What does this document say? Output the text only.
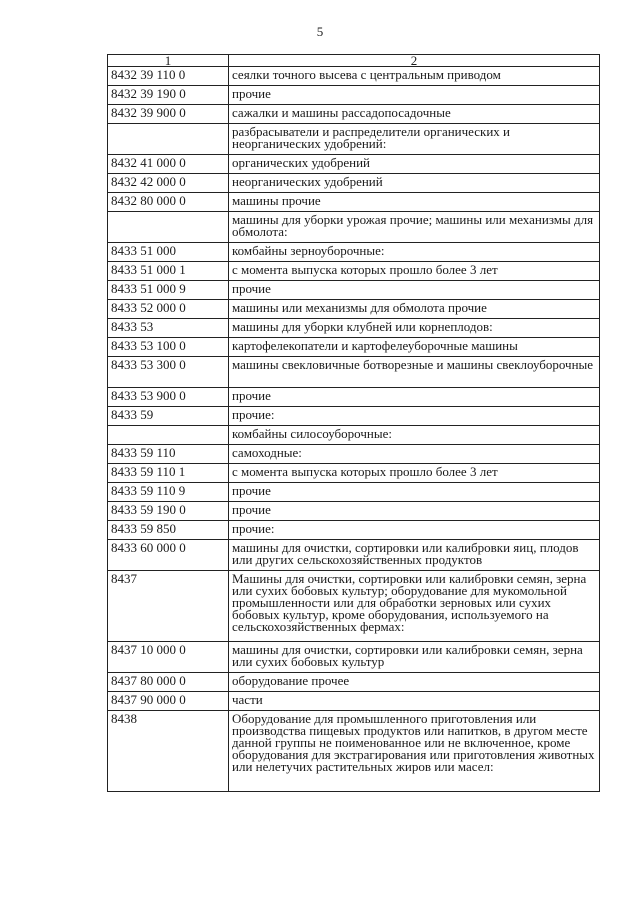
5
1	2
8432 39 110 0	сеялки точного высева с центральным приводом
8432 39 190 0	прочие
8432 39 900 0	сажалки и машины рассадопосадочные
	разбрасыватели и распределители органических и неорганических удобрений:
8432 41 000 0	органических удобрений
8432 42 000 0	неорганических удобрений
8432 80 000 0	машины прочие
	машины для уборки урожая прочие; машины или механизмы для обмолота:
8433 51 000	комбайны зерноуборочные:
8433 51 000 1	с момента выпуска которых прошло более 3 лет
8433 51 000 9	прочие
8433 52 000 0	машины или механизмы для обмолота прочие
8433 53	машины для уборки клубней или корнеплодов:
8433 53 100 0	картофелекопатели и картофелеуборочные машины
8433 53 300 0	машины свекловичные ботворезные и машины свеклоуборочные
8433 53 900 0	прочие
8433 59	прочие:
	комбайны силосоуборочные:
8433 59 110	самоходные:
8433 59 110 1	с момента выпуска которых прошло более 3 лет
8433 59 110 9	прочие
8433 59 190 0	прочие
8433 59 850	прочие:
8433 60 000 0	машины для очистки, сортировки или калибровки яиц, плодов или других сельскохозяйственных продуктов
8437	Машины для очистки, сортировки или калибровки семян, зерна или сухих бобовых культур; оборудование для мукомольной промышленности или для обработки зерновых или сухих бобовых культур, кроме оборудования, используемого на сельскохозяйственных фермах:
8437 10 000 0	машины для очистки, сортировки или калибровки семян, зерна или сухих бобовых культур
8437 80 000 0	оборудование прочее
8437 90 000 0	части
8438	Оборудование для промышленного приготовления или производства пищевых продуктов или напитков, в другом месте данной группы не поименованное или не включенное, кроме оборудования для экстрагирования или приготовления животных или нелетучих растительных жиров или масел:
